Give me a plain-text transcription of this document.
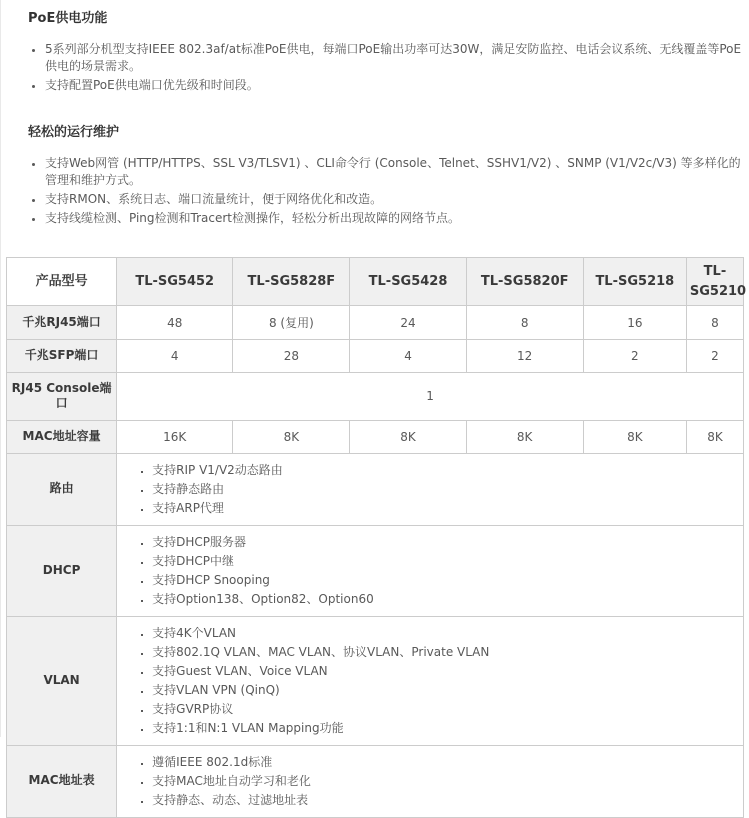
PoE供电功能
• 5系列部分机型支持IEEE 802.3af/at标准PoE供电，每端口PoE输出功率可达30W，满足安防监控、电话会议系统、无线覆盖等PoE供电的场景需求。
• 支持配置PoE供电端口优先级和时间段。
轻松的运行维护
• 支持Web网管 (HTTP/HTTPS、SSL V3/TLSV1) 、CLI命令行 (Console、Telnet、SSHV1/V2) 、SNMP (V1/V2c/V3) 等多样化的管理和维护方式。
• 支持RMON、系统日志、端口流量统计，便于网络优化和改造。
• 支持线缆检测、Ping检测和Tracert检测操作，轻松分析出现故障的网络节点。
产品型号	TL-SG5452	TL-SG5828F	TL-SG5428	TL-SG5820F	TL-SG5218	TL-SG5210
千兆RJ45端口	48	8 (复用)	24	8	16	8
千兆SFP端口	4	28	4	12	2	2
RJ45 Console端口	1					
MAC地址容量	16K	8K	8K	8K	8K	8K
路由	
▪ 支持RIP V1/V2动态路由
▪ 支持静态路由
▪ 支持ARP代理

DHCP	
▪ 支持DHCP服务器
▪ 支持DHCP中继
▪ 支持DHCP Snooping
▪ 支持Option138、Option82、Option60

VLAN	
▪ 支持4K个VLAN
▪ 支持802.1Q VLAN、MAC VLAN、协议VLAN、Private VLAN
▪ 支持Guest VLAN、Voice VLAN
▪ 支持VLAN VPN (QinQ)
▪ 支持GVRP协议
▪ 支持1:1和N:1 VLAN Mapping功能

MAC地址表	
▪ 遵循IEEE 802.1d标准
▪ 支持MAC地址自动学习和老化
▪ 支持静态、动态、过滤地址表
